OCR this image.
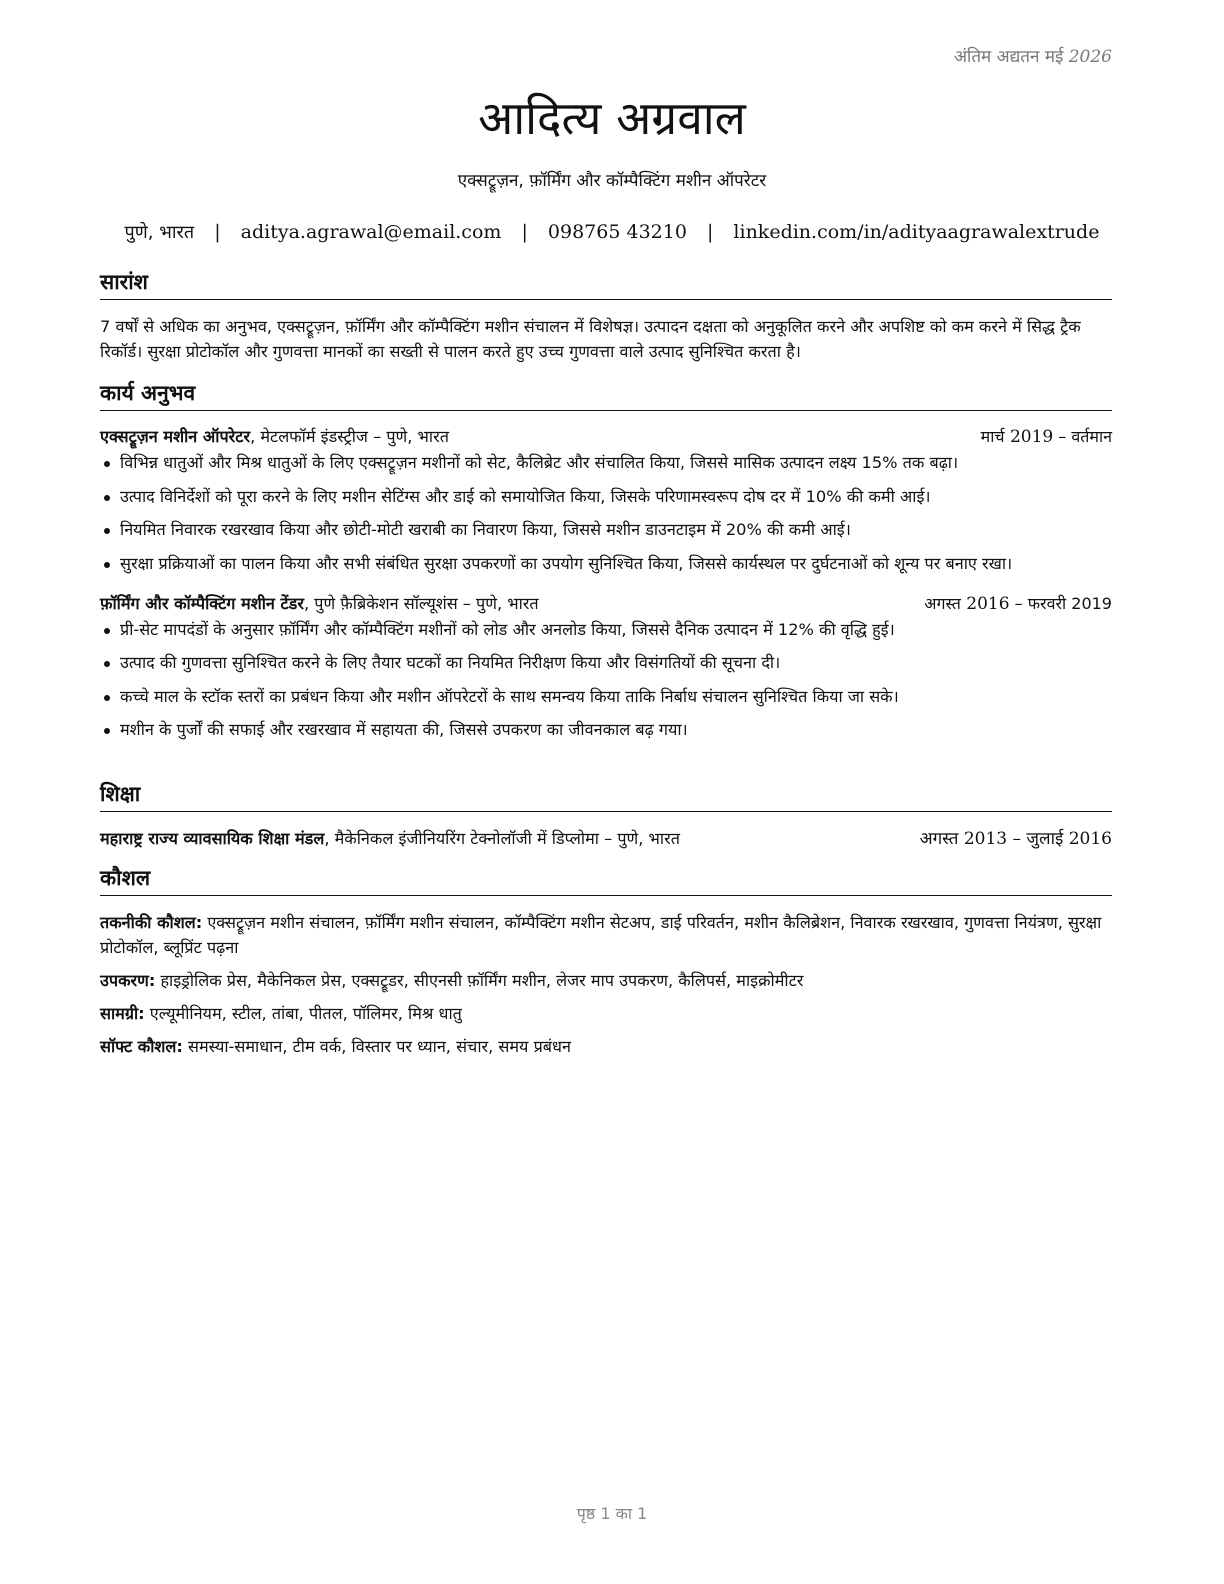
अंतिम अद्यतन मई 2026
आदित्य अग्रवाल
एक्सट्रूज़न, फ़ॉर्मिंग और कॉम्पैक्टिंग मशीन ऑपरेटर
पुणे, भारत | aditya.agrawal@email.com | 098765 43210 | linkedin.com/in/adityaagrawalextrude
सारांश

7 वर्षों से अधिक का अनुभव, एक्सट्रूज़न, फ़ॉर्मिंग और कॉम्पैक्टिंग मशीन संचालन में विशेषज्ञ। उत्पादन दक्षता को अनुकूलित करने और अपशिष्ट को कम करने में सिद्ध ट्रैक रिकॉर्ड। सुरक्षा प्रोटोकॉल और गुणवत्ता मानकों का सख्ती से पालन करते हुए उच्च गुणवत्ता वाले उत्पाद सुनिश्चित करता है।

कार्य अनुभव
एक्सट्रूज़न मशीन ऑपरेटर, मेटलफॉर्म इंडस्ट्रीज – पुणे, भारत	मार्च 2019 – वर्तमान
विभिन्न धातुओं और मिश्र धातुओं के लिए एक्सट्रूज़न मशीनों को सेट, कैलिब्रेट और संचालित किया, जिससे मासिक उत्पादन लक्ष्य 15% तक बढ़ा।
उत्पाद विनिर्देशों को पूरा करने के लिए मशीन सेटिंग्स और डाई को समायोजित किया, जिसके परिणामस्वरूप दोष दर में 10% की कमी आई।
नियमित निवारक रखरखाव किया और छोटी-मोटी खराबी का निवारण किया, जिससे मशीन डाउनटाइम में 20% की कमी आई।
सुरक्षा प्रक्रियाओं का पालन किया और सभी संबंधित सुरक्षा उपकरणों का उपयोग सुनिश्चित किया, जिससे कार्यस्थल पर दुर्घटनाओं को शून्य पर बनाए रखा।
फ़ॉर्मिंग और कॉम्पैक्टिंग मशीन टेंडर, पुणे फ़ैब्रिकेशन सॉल्यूशंस – पुणे, भारत	अगस्त 2016 – फरवरी 2019
प्री-सेट मापदंडों के अनुसार फ़ॉर्मिंग और कॉम्पैक्टिंग मशीनों को लोड और अनलोड किया, जिससे दैनिक उत्पादन में 12% की वृद्धि हुई।
उत्पाद की गुणवत्ता सुनिश्चित करने के लिए तैयार घटकों का नियमित निरीक्षण किया और विसंगतियों की सूचना दी।
कच्चे माल के स्टॉक स्तरों का प्रबंधन किया और मशीन ऑपरेटरों के साथ समन्वय किया ताकि निर्बाध संचालन सुनिश्चित किया जा सके।
मशीन के पुर्जों की सफाई और रखरखाव में सहायता की, जिससे उपकरण का जीवनकाल बढ़ गया।
शिक्षा
महाराष्ट्र राज्य व्यावसायिक शिक्षा मंडल, मैकेनिकल इंजीनियरिंग टेक्नोलॉजी में डिप्लोमा – पुणे, भारत	अगस्त 2013 – जुलाई 2016
कौशल
तकनीकी कौशल: एक्सट्रूज़न मशीन संचालन, फ़ॉर्मिंग मशीन संचालन, कॉम्पैक्टिंग मशीन सेटअप, डाई परिवर्तन, मशीन कैलिब्रेशन, निवारक रखरखाव, गुणवत्ता नियंत्रण, सुरक्षा प्रोटोकॉल, ब्लूप्रिंट पढ़ना
उपकरण: हाइड्रोलिक प्रेस, मैकेनिकल प्रेस, एक्सट्रूडर, सीएनसी फ़ॉर्मिंग मशीन, लेजर माप उपकरण, कैलिपर्स, माइक्रोमीटर
सामग्री: एल्यूमीनियम, स्टील, तांबा, पीतल, पॉलिमर, मिश्र धातु
सॉफ्ट कौशल: समस्या-समाधान, टीम वर्क, विस्तार पर ध्यान, संचार, समय प्रबंधन
पृष्ठ 1 का 1
